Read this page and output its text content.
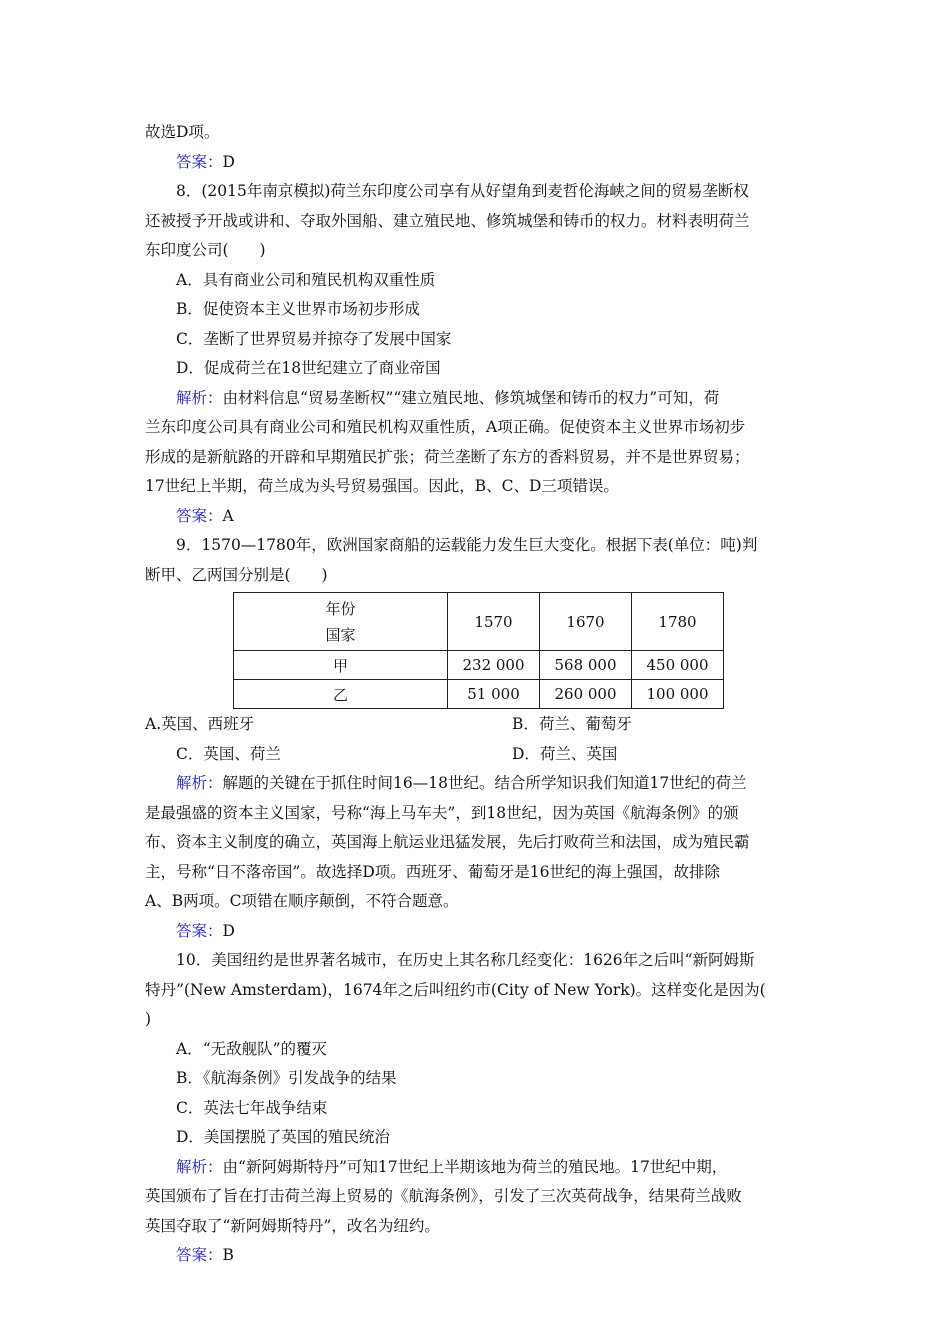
故选D项。

答案：D

8．(2015年南京模拟)荷兰东印度公司享有从好望角到麦哲伦海峡之间的贸易垄断权

还被授予开战或讲和、夺取外国船、建立殖民地、修筑城堡和铸币的权力。材料表明荷兰

东印度公司(　　)

A．具有商业公司和殖民机构双重性质

B．促使资本主义世界市场初步形成

C．垄断了世界贸易并掠夺了发展中国家

D．促成荷兰在18世纪建立了商业帝国

解析：由材料信息“贸易垄断权”“建立殖民地、修筑城堡和铸币的权力”可知，荷

兰东印度公司具有商业公司和殖民机构双重性质，A项正确。促使资本主义世界市场初步

形成的是新航路的开辟和早期殖民扩张；荷兰垄断了东方的香料贸易，并不是世界贸易；

17世纪上半期，荷兰成为头号贸易强国。因此，B、C、D三项错误。

答案：A

9．1570—1780年，欧洲国家商船的运载能力发生巨大变化。根据下表(单位：吨)判

断甲、乙两国分别是(　　)

年份
国家	1570	1670	1780
甲	232 000	568 000	450 000
乙	51 000	260 000	100 000
A.英国、西班牙	B．荷兰、葡萄牙
C．英国、荷兰	D．荷兰、英国

解析：解题的关键在于抓住时间16—18世纪。结合所学知识我们知道17世纪的荷兰

是最强盛的资本主义国家，号称“海上马车夫”，到18世纪，因为英国《航海条例》的颁

布、资本主义制度的确立，英国海上航运业迅猛发展，先后打败荷兰和法国，成为殖民霸

主，号称“日不落帝国”。故选择D项。西班牙、葡萄牙是16世纪的海上强国，故排除

A、B两项。C项错在顺序颠倒，不符合题意。

答案：D

10．美国纽约是世界著名城市，在历史上其名称几经变化：1626年之后叫“新阿姆斯

特丹”(New Amsterdam)，1674年之后叫纽约市(City of New York)。这样变化是因为(

)

A．“无敌舰队”的覆灭

B．《航海条例》引发战争的结果

C．英法七年战争结束

D．美国摆脱了英国的殖民统治

解析：由“新阿姆斯特丹”可知17世纪上半期该地为荷兰的殖民地。17世纪中期，

英国颁布了旨在打击荷兰海上贸易的《航海条例》，引发了三次英荷战争，结果荷兰战败

英国夺取了“新阿姆斯特丹”，改名为纽约。

答案：B
